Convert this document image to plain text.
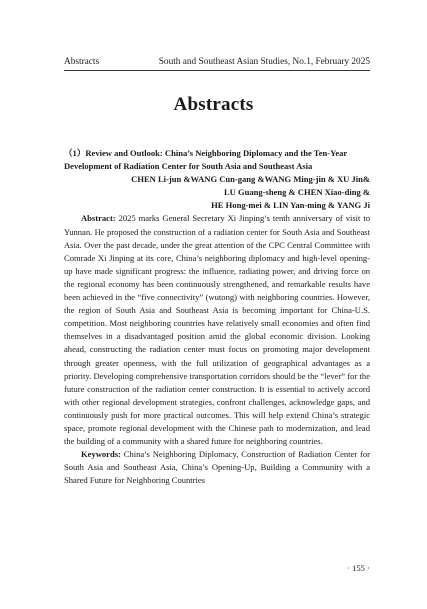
Abstracts	South and Southeast Asian Studies, No.1, February 2025
Abstracts

（1）Review and Outlook: China’s Neighboring Diplomacy and the Ten-Year Development of Radiation Center for South Asia and Southeast Asia

CHEN Li-jun &WANG Cun-gang &WANG Ming-jin & XU Jin&

LU Guang-sheng & CHEN Xiao-ding &

HE Hong-mei & LIN Yan-ming & YANG Ji

Abstract: 2025 marks General Secretary Xi Jinping’s tenth anniversary of visit to Yunnan. He proposed the construction of a radiation center for South Asia and Southeast Asia. Over the past decade, under the great attention of the CPC Central Committee with Comrade Xi Jinping at its core, China’s neighboring diplomacy and high-level opening-up have made significant progress: the influence, radiating power, and driving force on the regional economy has been continuously strengthened, and remarkable results have been achieved in the “five connectivity” (wutong) with neighboring countries. However, the region of South Asia and Southeast Asia is becoming important for China-U.S. competition. Most neighboring countries have relatively small economies and often find themselves in a disadvantaged position amid the global economic division. Looking ahead, constructing the radiation center must focus on promoting major development through greater openness, with the full utilization of geographical advantages as a priority. Developing comprehensive transportation corridors should be the “lever” for the future construction of the radiation center construction. It is essential to actively accord with other regional development strategies, confront challenges, acknowledge gaps, and continuously push for more practical outcomes. This will help extend China’s strategic space, promote regional development with the Chinese path to modernization, and lead the building of a community with a shared future for neighboring countries.

Keywords: China’s Neighboring Diplomacy, Construction of Radiation Center for South Asia and Southeast Asia, China’s Opening-Up, Building a Community with a Shared Future for Neighboring Countries

· 155 ·
